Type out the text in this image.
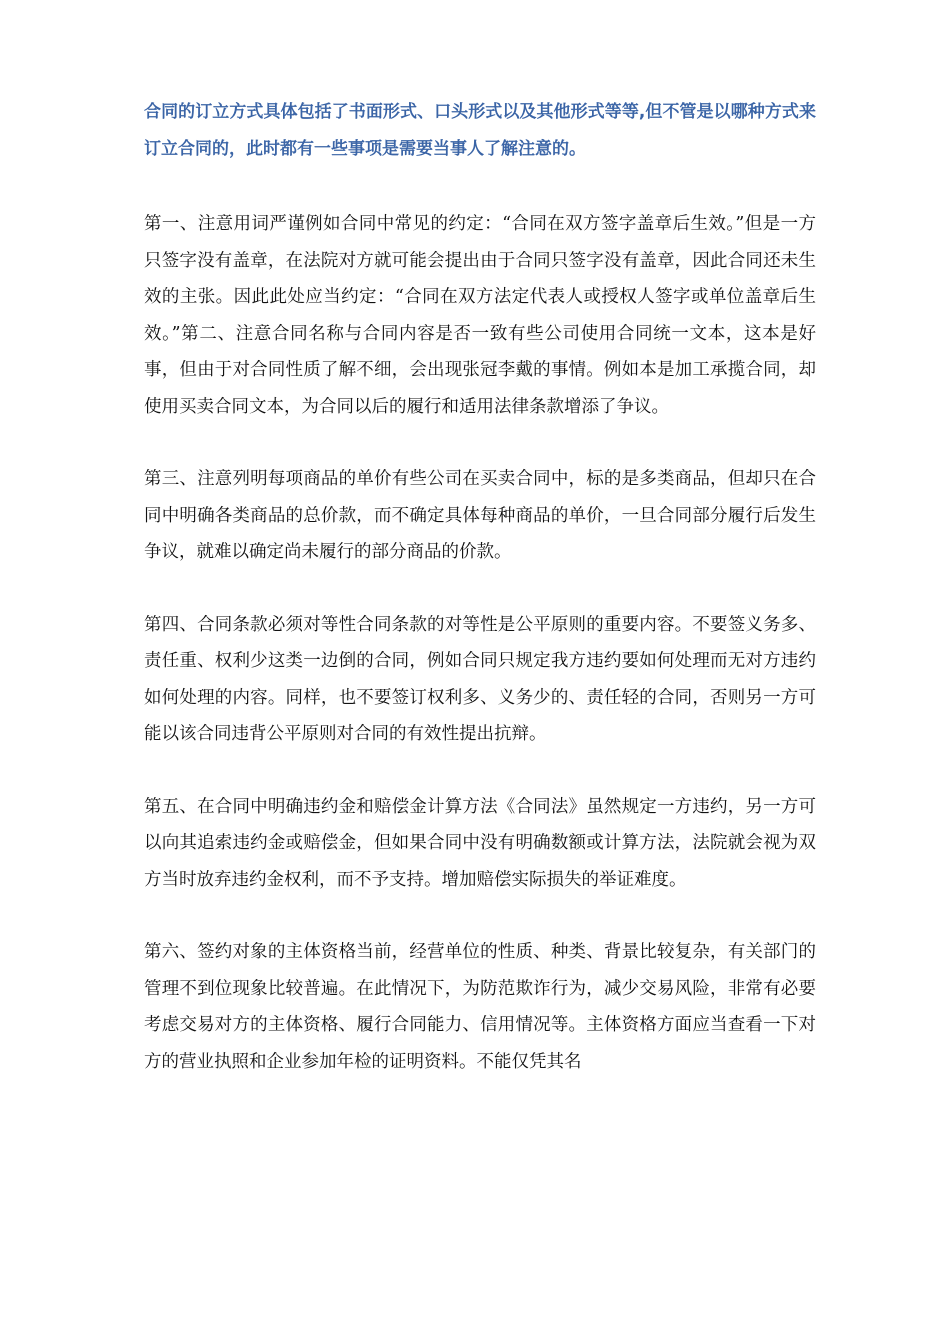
合同的订立方式具体包括了书面形式、口头形式以及其他形式等等,但不管是以哪种方式来订立合同的，此时都有一些事项是需要当事人了解注意的。

第一、注意用词严谨例如合同中常见的约定：“合同在双方签字盖章后生效。”但是一方只签字没有盖章，在法院对方就可能会提出由于合同只签字没有盖章，因此合同还未生效的主张。因此此处应当约定：“合同在双方法定代表人或授权人签字或单位盖章后生效。”第二、注意合同名称与合同内容是否一致有些公司使用合同统一文本，这本是好事，但由于对合同性质了解不细，会出现张冠李戴的事情。例如本是加工承揽合同，却使用买卖合同文本，为合同以后的履行和适用法律条款增添了争议。

第三、注意列明每项商品的单价有些公司在买卖合同中，标的是多类商品，但却只在合同中明确各类商品的总价款，而不确定具体每种商品的单价，一旦合同部分履行后发生争议，就难以确定尚未履行的部分商品的价款。

第四、合同条款必须对等性合同条款的对等性是公平原则的重要内容。不要签义务多、责任重、权利少这类一边倒的合同，例如合同只规定我方违约要如何处理而无对方违约如何处理的内容。同样，也不要签订权利多、义务少的、责任轻的合同，否则另一方可能以该合同违背公平原则对合同的有效性提出抗辩。

第五、在合同中明确违约金和赔偿金计算方法《合同法》虽然规定一方违约，另一方可以向其追索违约金或赔偿金，但如果合同中没有明确数额或计算方法，法院就会视为双方当时放弃违约金权利，而不予支持。增加赔偿实际损失的举证难度。

第六、签约对象的主体资格当前，经营单位的性质、种类、背景比较复杂，有关部门的管理不到位现象比较普遍。在此情况下，为防范欺诈行为，减少交易风险，非常有必要考虑交易对方的主体资格、履行合同能力、信用情况等。主体资格方面应当查看一下对方的营业执照和企业参加年检的证明资料。不能仅凭其名
